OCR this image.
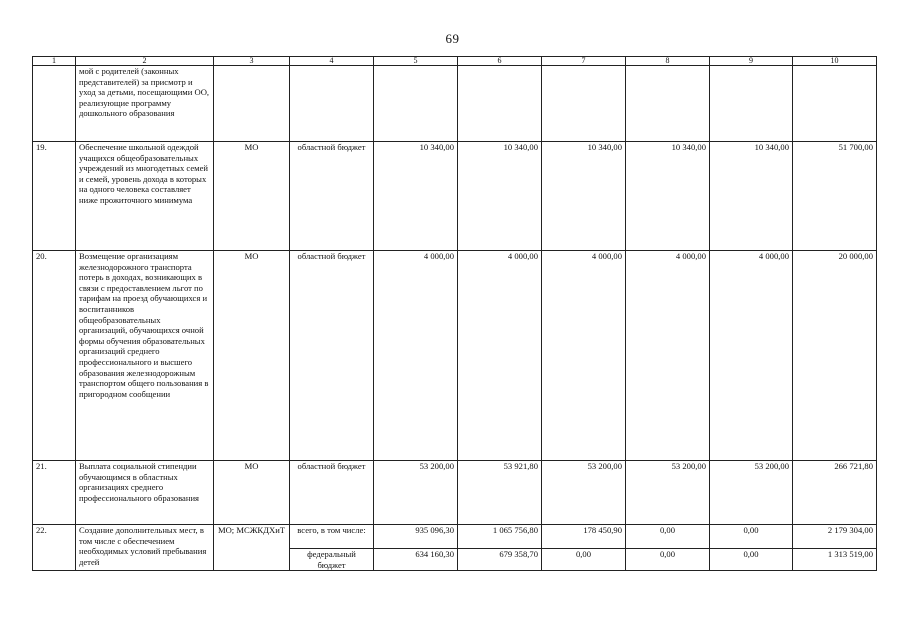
69
1	2	3	4	5	6	7	8	9	10
	мой с родителей (законных представителей) за присмотр и уход за детьми, посещающими ОО, реализующие программу дошкольного образования								
19.	Обеспечение школьной одеждой учащихся общеобразовательных учреждений из многодетных семей и семей, уровень дохода в которых на одного человека составляет ниже прожиточного минимума	МО	областной бюджет	10 340,00	10 340,00	10 340,00	10 340,00	10 340,00	51 700,00
20.	Возмещение организациям железнодорожного транспорта потерь в доходах, возникающих в связи с предоставлением льгот по тарифам на проезд обучающихся и воспитанников общеобразовательных организаций, обучающихся очной формы обучения образовательных организаций среднего профессионального и высшего образования железнодорожным транспортом общего пользования в пригородном сообщении	МО	областной бюджет	4 000,00	4 000,00	4 000,00	4 000,00	4 000,00	20 000,00
21.	Выплата социальной стипендии обучающимся в областных организациях среднего профессионального образования	МО	областной бюджет	53 200,00	53 921,80	53 200,00	53 200,00	53 200,00	266 721,80
22.	Создание дополнительных мест, в том числе с обеспечением необходимых условий пребывания детей	МО; МСЖКДХиТ	всего, в том числе:	935 096,30	1 065 756,80	178 450,90	0,00	0,00	2 179 304,00
			федеральный бюджет	634 160,30	679 358,70	0,00	0,00	0,00	1 313 519,00
